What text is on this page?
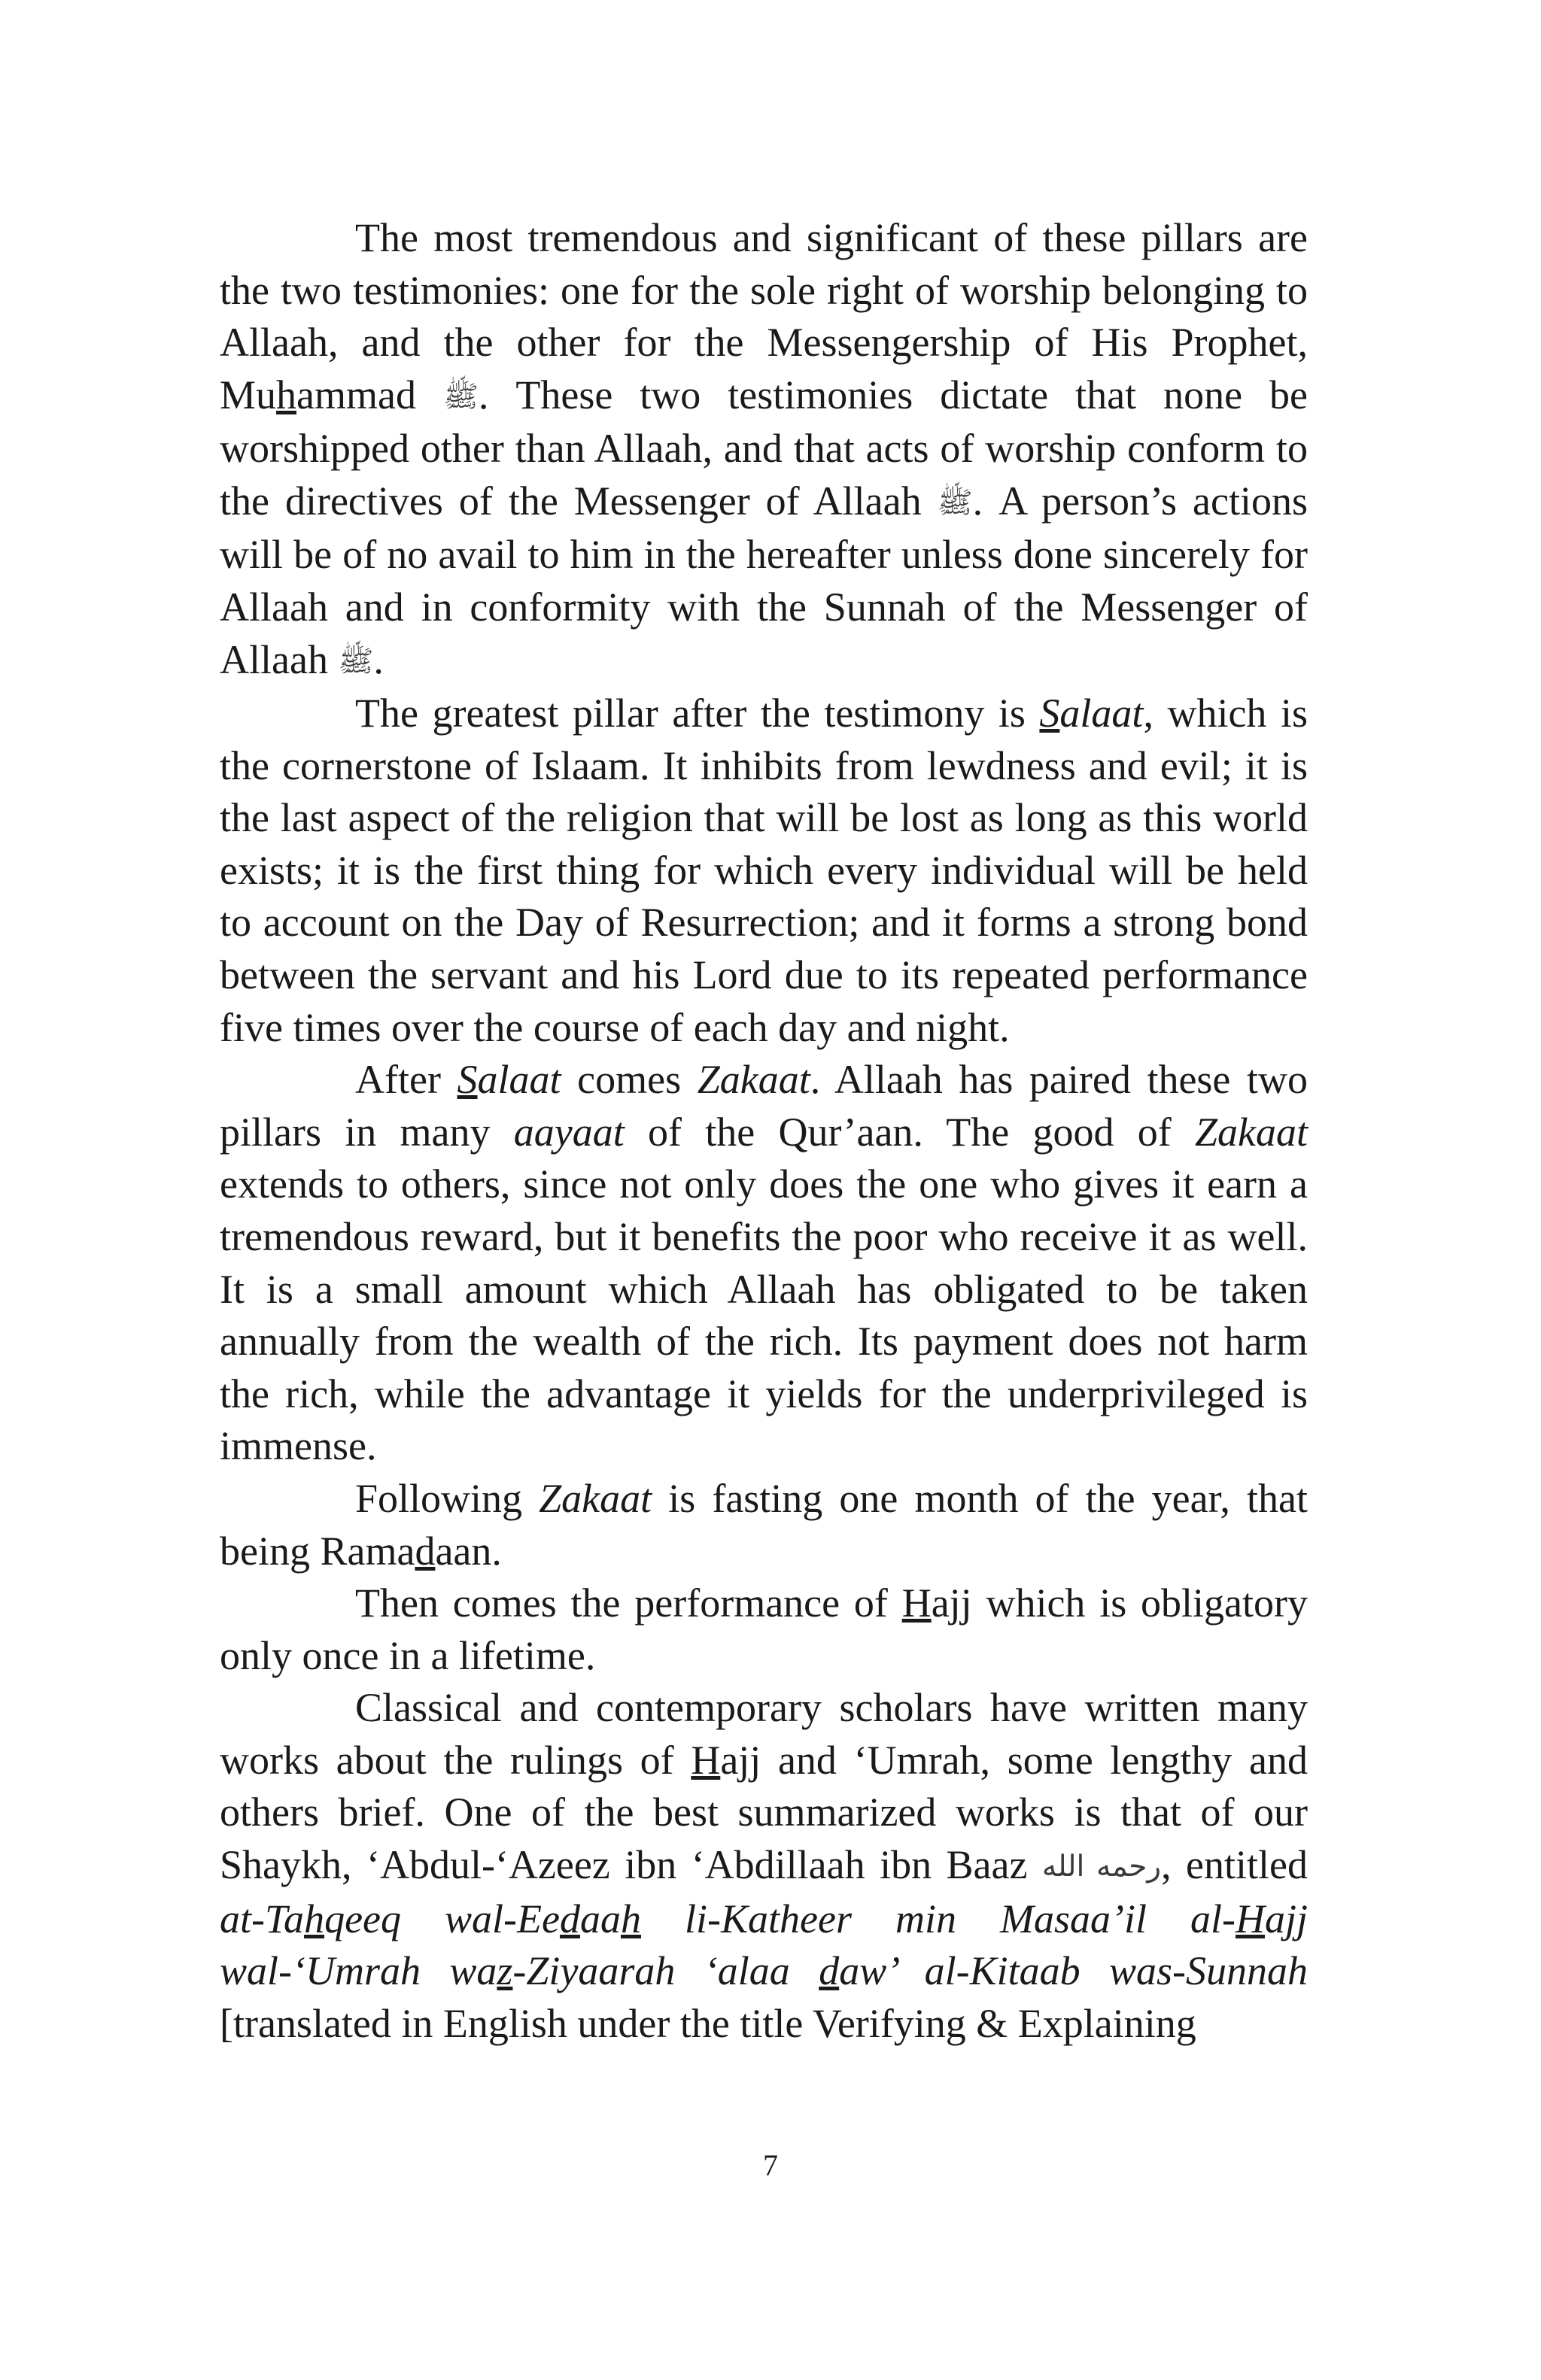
The most tremendous and significant of these pillars are the two testimonies: one for the sole right of worship belonging to Allaah, and the other for the Messengership of His Prophet, Muhammad ﷺ. These two testimonies dictate that none be worshipped other than Allaah, and that acts of worship conform to the directives of the Messenger of Allaah ﷺ. A person’s actions will be of no avail to him in the hereafter unless done sincerely for Allaah and in conformity with the Sunnah of the Messenger of Allaah ﷺ.

The greatest pillar after the testimony is Salaat, which is the cornerstone of Islaam. It inhibits from lewdness and evil; it is the last aspect of the religion that will be lost as long as this world exists; it is the first thing for which every individual will be held to account on the Day of Resurrection; and it forms a strong bond between the servant and his Lord due to its repeated performance five times over the course of each day and night.

After Salaat comes Zakaat. Allaah has paired these two pillars in many aayaat of the Qur’aan. The good of Zakaat extends to others, since not only does the one who gives it earn a tremendous reward, but it benefits the poor who receive it as well. It is a small amount which Allaah has obligated to be taken annually from the wealth of the rich. Its payment does not harm the rich, while the advantage it yields for the underprivileged is immense.

Following Zakaat is fasting one month of the year, that being Ramadaan.

Then comes the performance of Hajj which is obligatory only once in a lifetime.

Classical and contemporary scholars have written many works about the rulings of Hajj and ‘Umrah, some lengthy and others brief. One of the best summarized works is that of our Shaykh, ‘Abdul-‘Azeez ibn ‘Abdillaah ibn Baaz رحمه الله, entitled at-Tahqeeq wal-Eedaah li-Katheer min Masaa’il al-Hajj wal-‘Umrah waz-Ziyaarah ‘alaa daw’ al-Kitaab was-Sunnah [translated in English under the title Verifying & Explaining

7
